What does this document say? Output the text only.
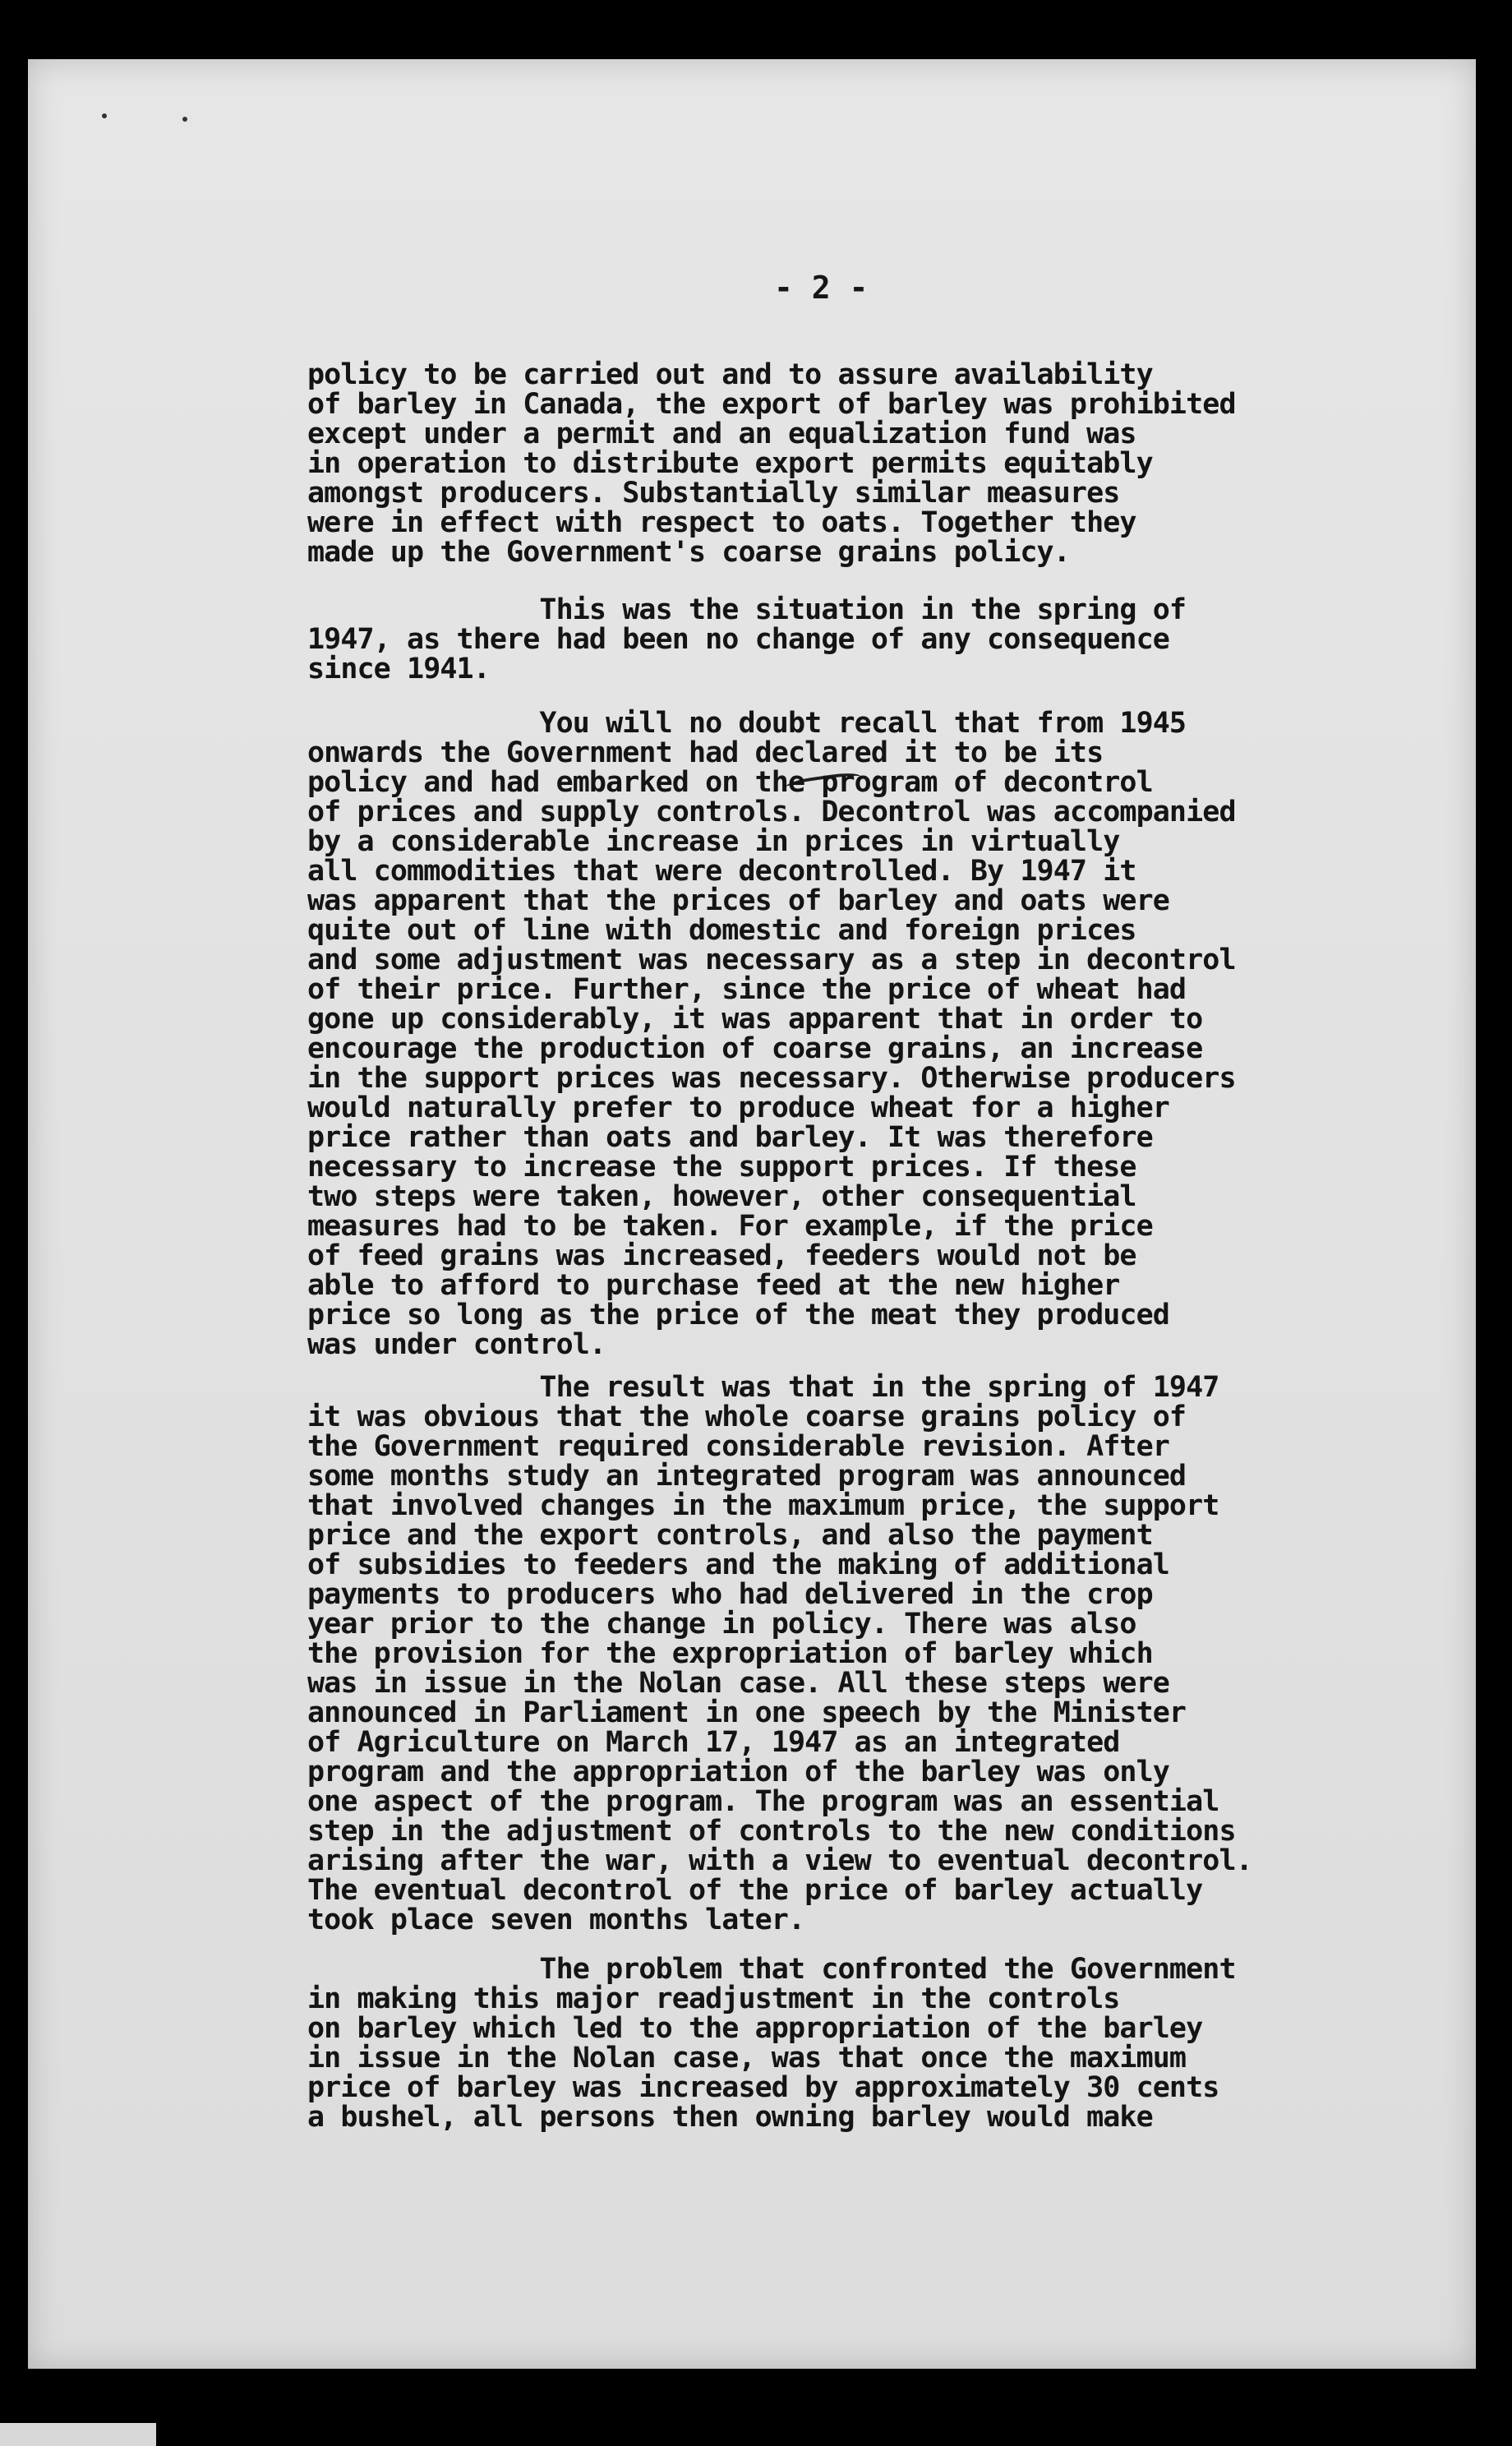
- 2 -
policy to be carried out and to assure availability
of barley in Canada, the export of barley was prohibited
except under a permit and an equalization fund was
in operation to distribute export permits equitably
amongst producers. Substantially similar measures
were in effect with respect to oats. Together they
made up the Government's coarse grains policy.
This was the situation in the spring of
1947, as there had been no change of any consequence
since 1941.
You will no doubt recall that from 1945
onwards the Government had declared it to be its
policy and had embarked on the program of decontrol
of prices and supply controls. Decontrol was accompanied
by a considerable increase in prices in virtually
all commodities that were decontrolled. By 1947 it
was apparent that the prices of barley and oats were
quite out of line with domestic and foreign prices
and some adjustment was necessary as a step in decontrol
of their price. Further, since the price of wheat had
gone up considerably, it was apparent that in order to
encourage the production of coarse grains, an increase
in the support prices was necessary. Otherwise producers
would naturally prefer to produce wheat for a higher
price rather than oats and barley. It was therefore
necessary to increase the support prices. If these
two steps were taken, however, other consequential
measures had to be taken. For example, if the price
of feed grains was increased, feeders would not be
able to afford to purchase feed at the new higher
price so long as the price of the meat they produced
was under control.
The result was that in the spring of 1947
it was obvious that the whole coarse grains policy of
the Government required considerable revision. After
some months study an integrated program was announced
that involved changes in the maximum price, the support
price and the export controls, and also the payment
of subsidies to feeders and the making of additional
payments to producers who had delivered in the crop
year prior to the change in policy. There was also
the provision for the expropriation of barley which
was in issue in the Nolan case. All these steps were
announced in Parliament in one speech by the Minister
of Agriculture on March 17, 1947 as an integrated
program and the appropriation of the barley was only
one aspect of the program. The program was an essential
step in the adjustment of controls to the new conditions
arising after the war, with a view to eventual decontrol.
The eventual decontrol of the price of barley actually
took place seven months later.
The problem that confronted the Government
in making this major readjustment in the controls
on barley which led to the appropriation of the barley
in issue in the Nolan case, was that once the maximum
price of barley was increased by approximately 30 cents
a bushel, all persons then owning barley would make
